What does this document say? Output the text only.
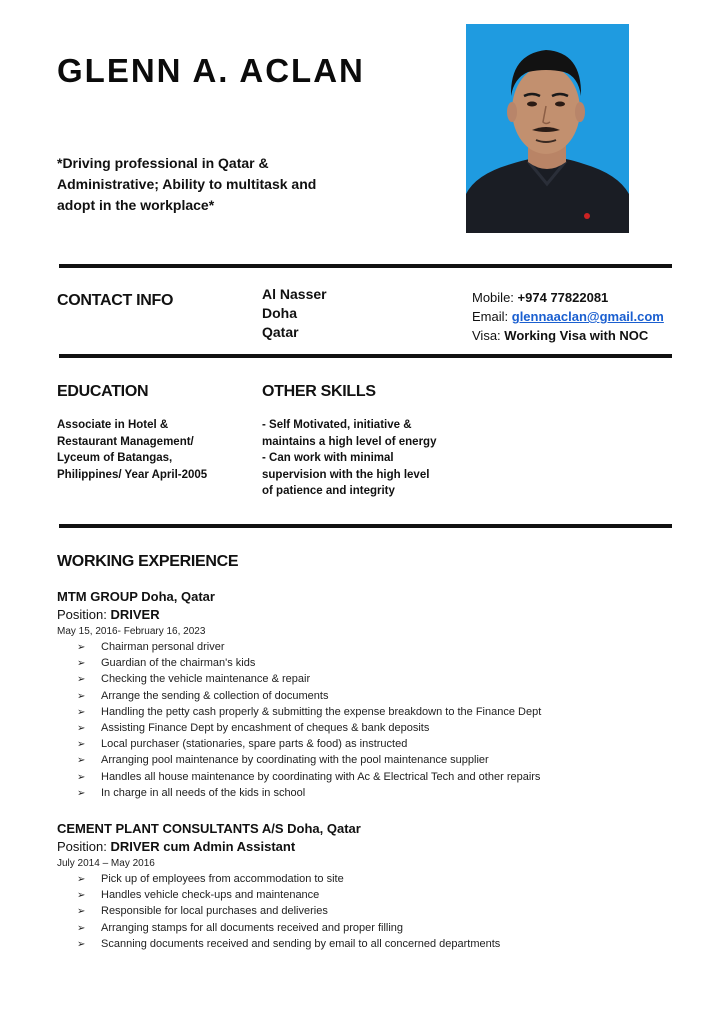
GLENN A. ACLAN
*Driving professional in Qatar & Administrative; Ability to multitask and adopt in the workplace*
CONTACT INFO	Al Nasser
Doha
Qatar
Mobile: +974 77822081
Email: glennaaclan@gmail.com
Visa: Working Visa with NOC
EDUCATION	OTHER SKILLS
Associate in Hotel &
Restaurant Management/
Lyceum of Batangas,
Philippines/ Year April-2005
- Self Motivated, initiative &
maintains a high level of energy
- Can work with minimal
supervision with the high level
of patience and integrity
WORKING EXPERIENCE
MTM GROUP Doha, Qatar
Position: DRIVER
May 15, 2016- February 16, 2023
➢ Chairman personal driver
➢ Guardian of the chairman's kids
➢ Checking the vehicle maintenance & repair
➢ Arrange the sending & collection of documents
➢ Handling the petty cash properly & submitting the expense breakdown to the Finance Dept
➢ Assisting Finance Dept by encashment of cheques & bank deposits
➢ Local purchaser (stationaries, spare parts & food) as instructed
➢ Arranging pool maintenance by coordinating with the pool maintenance supplier
➢ Handles all house maintenance by coordinating with Ac & Electrical Tech and other repairs
➢ In charge in all needs of the kids in school
CEMENT PLANT CONSULTANTS A/S Doha, Qatar
Position: DRIVER cum Admin Assistant
July 2014 – May 2016
➢ Pick up of employees from accommodation to site
➢ Handles vehicle check-ups and maintenance
➢ Responsible for local purchases and deliveries
➢ Arranging stamps for all documents received and proper filling
➢ Scanning documents received and sending by email to all concerned departments
